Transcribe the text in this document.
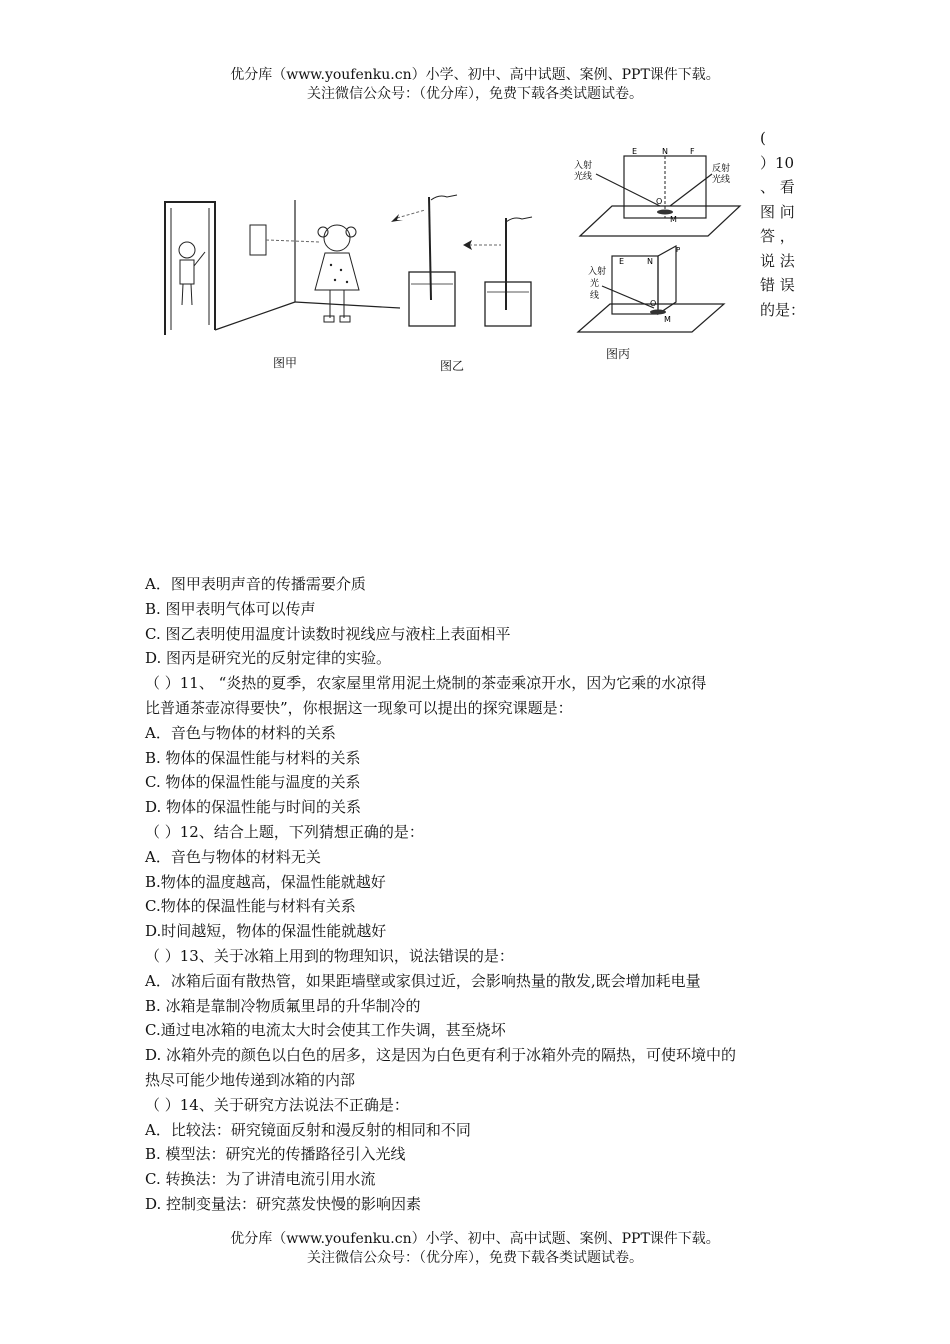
优分库（www.youfenku.cn）小学、初中、高中试题、案例、PPT课件下载。
关注微信公众号：（优分库），免费下载各类试题试卷。
图甲	图乙
E	N	F
O
M
入射
光线
反射
光线
E	N
P
O
M
入射
光
线
图丙
(
）10
、 看
图 问
答 ，
说 法
错 误
的是：

A．图甲表明声音的传播需要介质

B. 图甲表明气体可以传声

C. 图乙表明使用温度计读数时视线应与液柱上表面相平

D. 图丙是研究光的反射定律的实验。

（ ）11、 “炎热的夏季，农家屋里常用泥土烧制的茶壶乘凉开水，因为它乘的水凉得

比普通茶壶凉得要快”，你根据这一现象可以提出的探究课题是：

A．音色与物体的材料的关系

B. 物体的保温性能与材料的关系

C. 物体的保温性能与温度的关系

D. 物体的保温性能与时间的关系

（ ）12、结合上题，下列猜想正确的是：

A．音色与物体的材料无关

B.物体的温度越高，保温性能就越好

C.物体的保温性能与材料有关系

D.时间越短，物体的保温性能就越好

（ ）13、关于冰箱上用到的物理知识，说法错误的是：

A．冰箱后面有散热管，如果距墙壁或家俱过近，会影响热量的散发,既会增加耗电量

B. 冰箱是靠制冷物质氟里昂的升华制冷的

C.通过电冰箱的电流太大时会使其工作失调，甚至烧坏

D. 冰箱外壳的颜色以白色的居多，这是因为白色更有利于冰箱外壳的隔热，可使环境中的

热尽可能少地传递到冰箱的内部

（ ）14、关于研究方法说法不正确是：

A．比较法：研究镜面反射和漫反射的相同和不同

B. 模型法：研究光的传播路径引入光线

C. 转换法：为了讲清电流引用水流

D. 控制变量法：研究蒸发快慢的影响因素

优分库（www.youfenku.cn）小学、初中、高中试题、案例、PPT课件下载。
关注微信公众号：（优分库），免费下载各类试题试卷。
